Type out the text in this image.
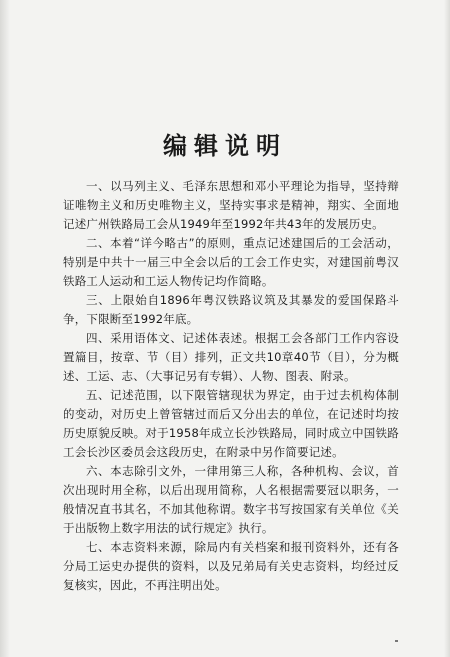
编辑说明

一、以马列主义、毛泽东思想和邓小平理论为指导，坚持辩证唯物主义和历史唯物主义，坚持实事求是精神，翔实、全面地记述广州铁路局工会从1949年至1992年共43年的发展历史。

二、本着“详今略古”的原则，重点记述建国后的工会活动，特别是中共十一届三中全会以后的工会工作史实，对建国前粤汉铁路工人运动和工运人物传记均作简略。

三、上限始自1896年粤汉铁路议筑及其暴发的爱国保路斗争，下限断至1992年底。

四、采用语体文、记述体表述。根据工会各部门工作内容设置篇目，按章、节（目）排列，正文共10章40节（目），分为概述、工运、志、（大事记另有专辑）、人物、图表、附录。

五、记述范围，以下限管辖现状为界定，由于过去机构体制的变动，对历史上曾管辖过而后又分出去的单位，在记述时均按历史原貌反映。对于1958年成立长沙铁路局，同时成立中国铁路工会长沙区委员会这段历史，在附录中另作简要记述。

六、本志除引文外，一律用第三人称，各种机构、会议，首次出现时用全称，以后出现用简称，人名根据需要冠以职务，一般情况直书其名，不加其他称谓。数字书写按国家有关单位《关于出版物上数字用法的试行规定》执行。

七、本志资料来源，除局内有关档案和报刊资料外，还有各分局工运史办提供的资料，以及兄弟局有关史志资料，均经过反复核实，因此，不再注明出处。
